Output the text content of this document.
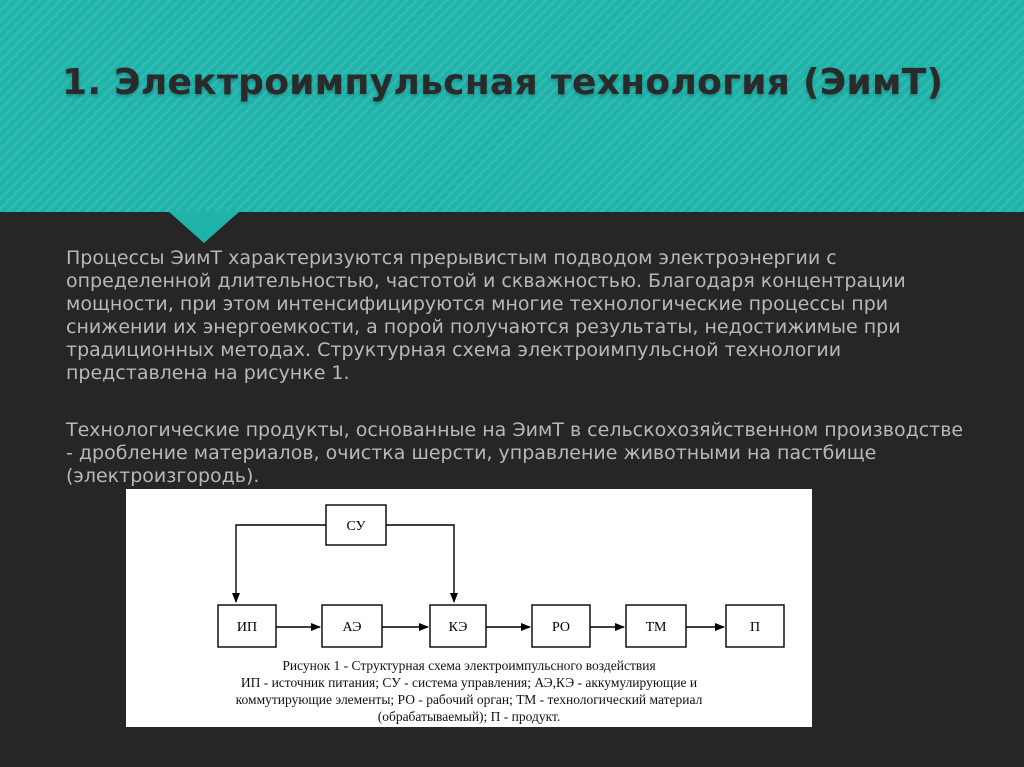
1. Электроимпульсная технология (ЭимТ)

Процессы ЭимТ характеризуются прерывистым подводом электроэнергии с определенной длительностью, частотой и скважностью. Благодаря концентрации мощности, при этом интенсифицируются многие технологические процессы при снижении их энергоемкости, а порой получаются результаты, недостижимые при традиционных методах. Структурная схема электроимпульсной технологии представлена на рисунке 1.

Технологические продукты, основанные на ЭимТ в сельскохозяйственном производстве - дробление материалов, очистка шерсти, управление животными на пастбище (электроизгородь).

СУ
ИП	АЭ	КЭ	РО	ТМ	П

Рисунок 1 - Структурная схема электроимпульсного воздействия
ИП - источник питания; СУ - система управления; АЭ,КЭ - аккумулирующие и
коммутирующие элементы; РО - рабочий орган; ТМ - технологический материал
(обрабатываемый); П - продукт.
